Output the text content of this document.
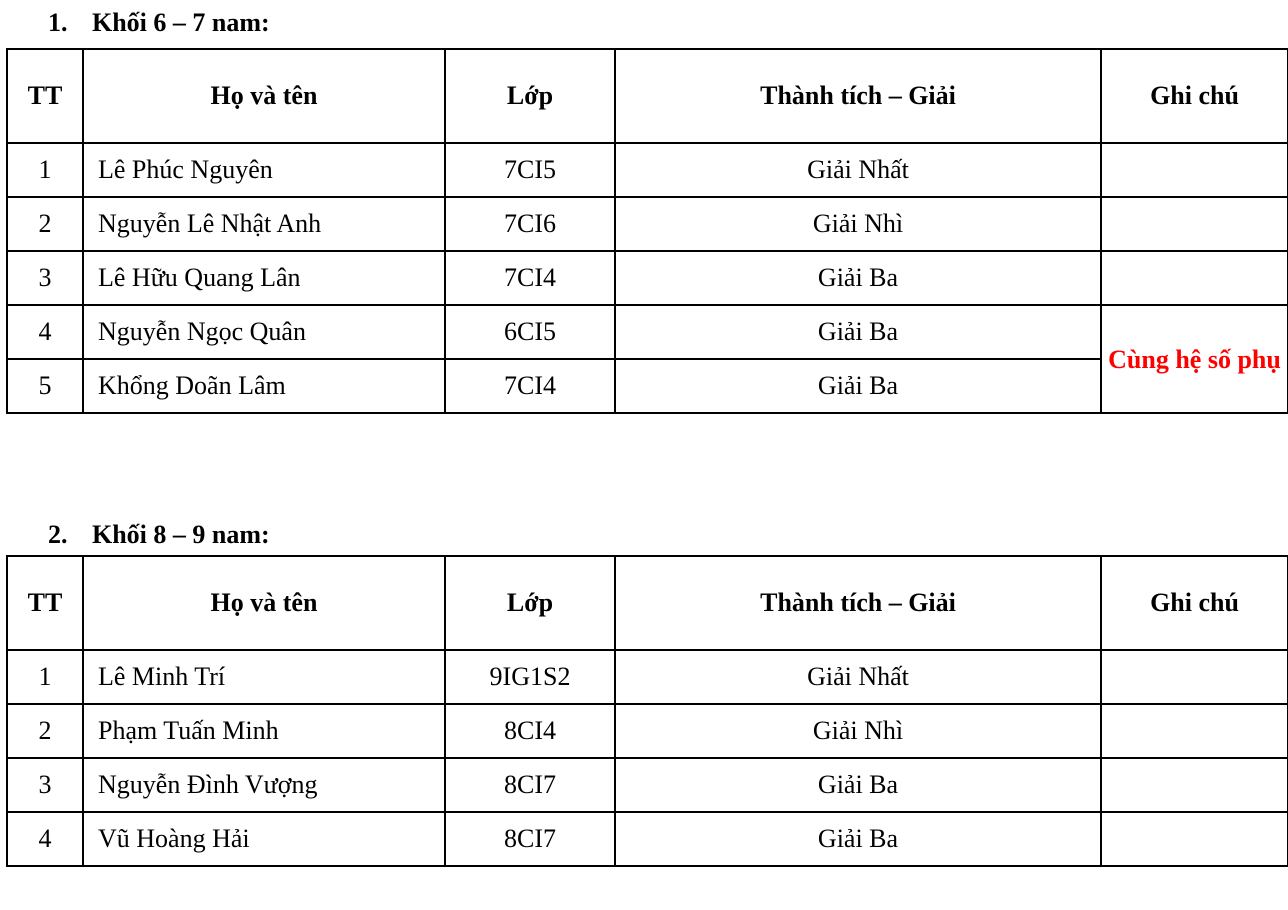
1. Khối 6 – 7 nam:
TT	Họ và tên	Lớp	Thành tích – Giải	Ghi chú
1	Lê Phúc Nguyên	7CI5	Giải Nhất	
2	Nguyễn Lê Nhật Anh	7CI6	Giải Nhì	
3	Lê Hữu Quang Lân	7CI4	Giải Ba	
4	Nguyễn Ngọc Quân	6CI5	Giải Ba	Cùng hệ số phụ
5	Khổng Doãn Lâm	7CI4	Giải Ba	
2. Khối 8 – 9 nam:
TT	Họ và tên	Lớp	Thành tích – Giải	Ghi chú
1	Lê Minh Trí	9IG1S2	Giải Nhất	
2	Phạm Tuấn Minh	8CI4	Giải Nhì	
3	Nguyễn Đình Vượng	8CI7	Giải Ba	
4	Vũ Hoàng Hải	8CI7	Giải Ba	
